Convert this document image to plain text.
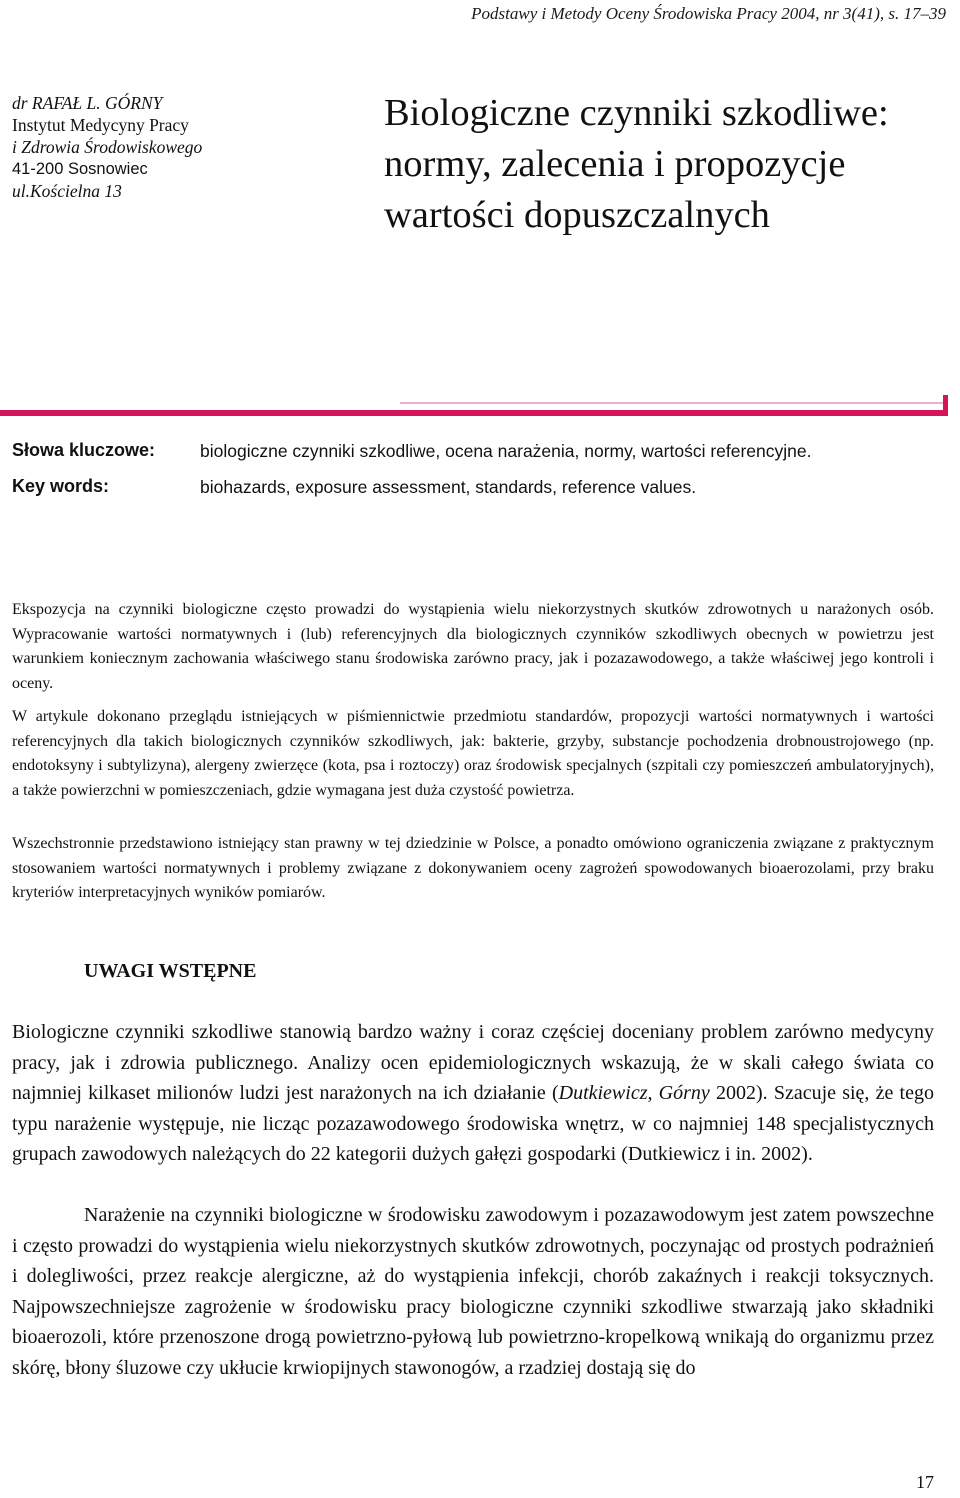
Podstawy i Metody Oceny Środowiska Pracy 2004, nr 3(41), s. 17–39
dr RAFAŁ L. GÓRNY
Instytut Medycyny Pracy
i Zdrowia Środowiskowego
41-200 Sosnowiec
ul.Kościelna 13
Biologiczne czynniki szkodliwe:
normy, zalecenia i propozycje
wartości dopuszczalnych
Słowa kluczowe:	biologiczne czynniki szkodliwe, ocena narażenia, normy, wartości referencyjne.
Key words:	biohazards, exposure assessment, standards, reference values.

Ekspozycja na czynniki biologiczne często prowadzi do wystąpienia wielu niekorzystnych skutków zdrowotnych u narażonych osób. Wypracowanie wartości normatywnych i (lub) referencyjnych dla biologicznych czynników szkodliwych obecnych w powietrzu jest warunkiem koniecznym zachowania właściwego stanu środowiska zarówno pracy, jak i pozazawodowego, a także właściwej jego kontroli i oceny.

W artykule dokonano przeglądu istniejących w piśmiennictwie przedmiotu standardów, propozycji wartości normatywnych i wartości referencyjnych dla takich biologicznych czynników szkodliwych, jak: bakterie, grzyby, substancje pochodzenia drobnoustrojowego (np. endotoksyny i subtylizyna), alergeny zwierzęce (kota, psa i roztoczy) oraz środowisk specjalnych (szpitali czy pomieszczeń ambulatoryjnych), a także powierzchni w pomieszczeniach, gdzie wymagana jest duża czystość powietrza.

Wszechstronnie przedstawiono istniejący stan prawny w tej dziedzinie w Polsce, a ponadto omówiono ograniczenia związane z praktycznym stosowaniem wartości normatywnych i problemy związane z dokonywaniem oceny zagrożeń spowodowanych bioaerozolami, przy braku kryteriów interpretacyjnych wyników pomiarów.

UWAGI WSTĘPNE

Biologiczne czynniki szkodliwe stanowią bardzo ważny i coraz częściej doceniany problem zarówno medycyny pracy, jak i zdrowia publicznego. Analizy ocen epidemiologicznych wskazują, że w skali całego świata co najmniej kilkaset milionów ludzi jest narażonych na ich działanie (Dutkiewicz, Górny 2002). Szacuje się, że tego typu narażenie występuje, nie licząc pozazawodowego środowiska wnętrz, w co najmniej 148 specjalistycznych grupach zawodowych należących do 22 kategorii dużych gałęzi gospodarki (Dutkiewicz i in. 2002).

Narażenie na czynniki biologiczne w środowisku zawodowym i pozazawodowym jest zatem powszechne i często prowadzi do wystąpienia wielu niekorzystnych skutków zdrowotnych, poczynając od prostych podrażnień i dolegliwości, przez reakcje alergiczne, aż do wystąpienia infekcji, chorób zakaźnych i reakcji toksycznych. Najpowszechniejsze zagrożenie w środowisku pracy biologiczne czynniki szkodliwe stwarzają jako składniki bioaerozoli, które przenoszone drogą powietrzno-pyłową lub powietrzno-kropelkową wnikają do organizmu przez skórę, błony śluzowe czy ukłucie krwiopijnych stawonogów, a rzadziej dostają się do

17
